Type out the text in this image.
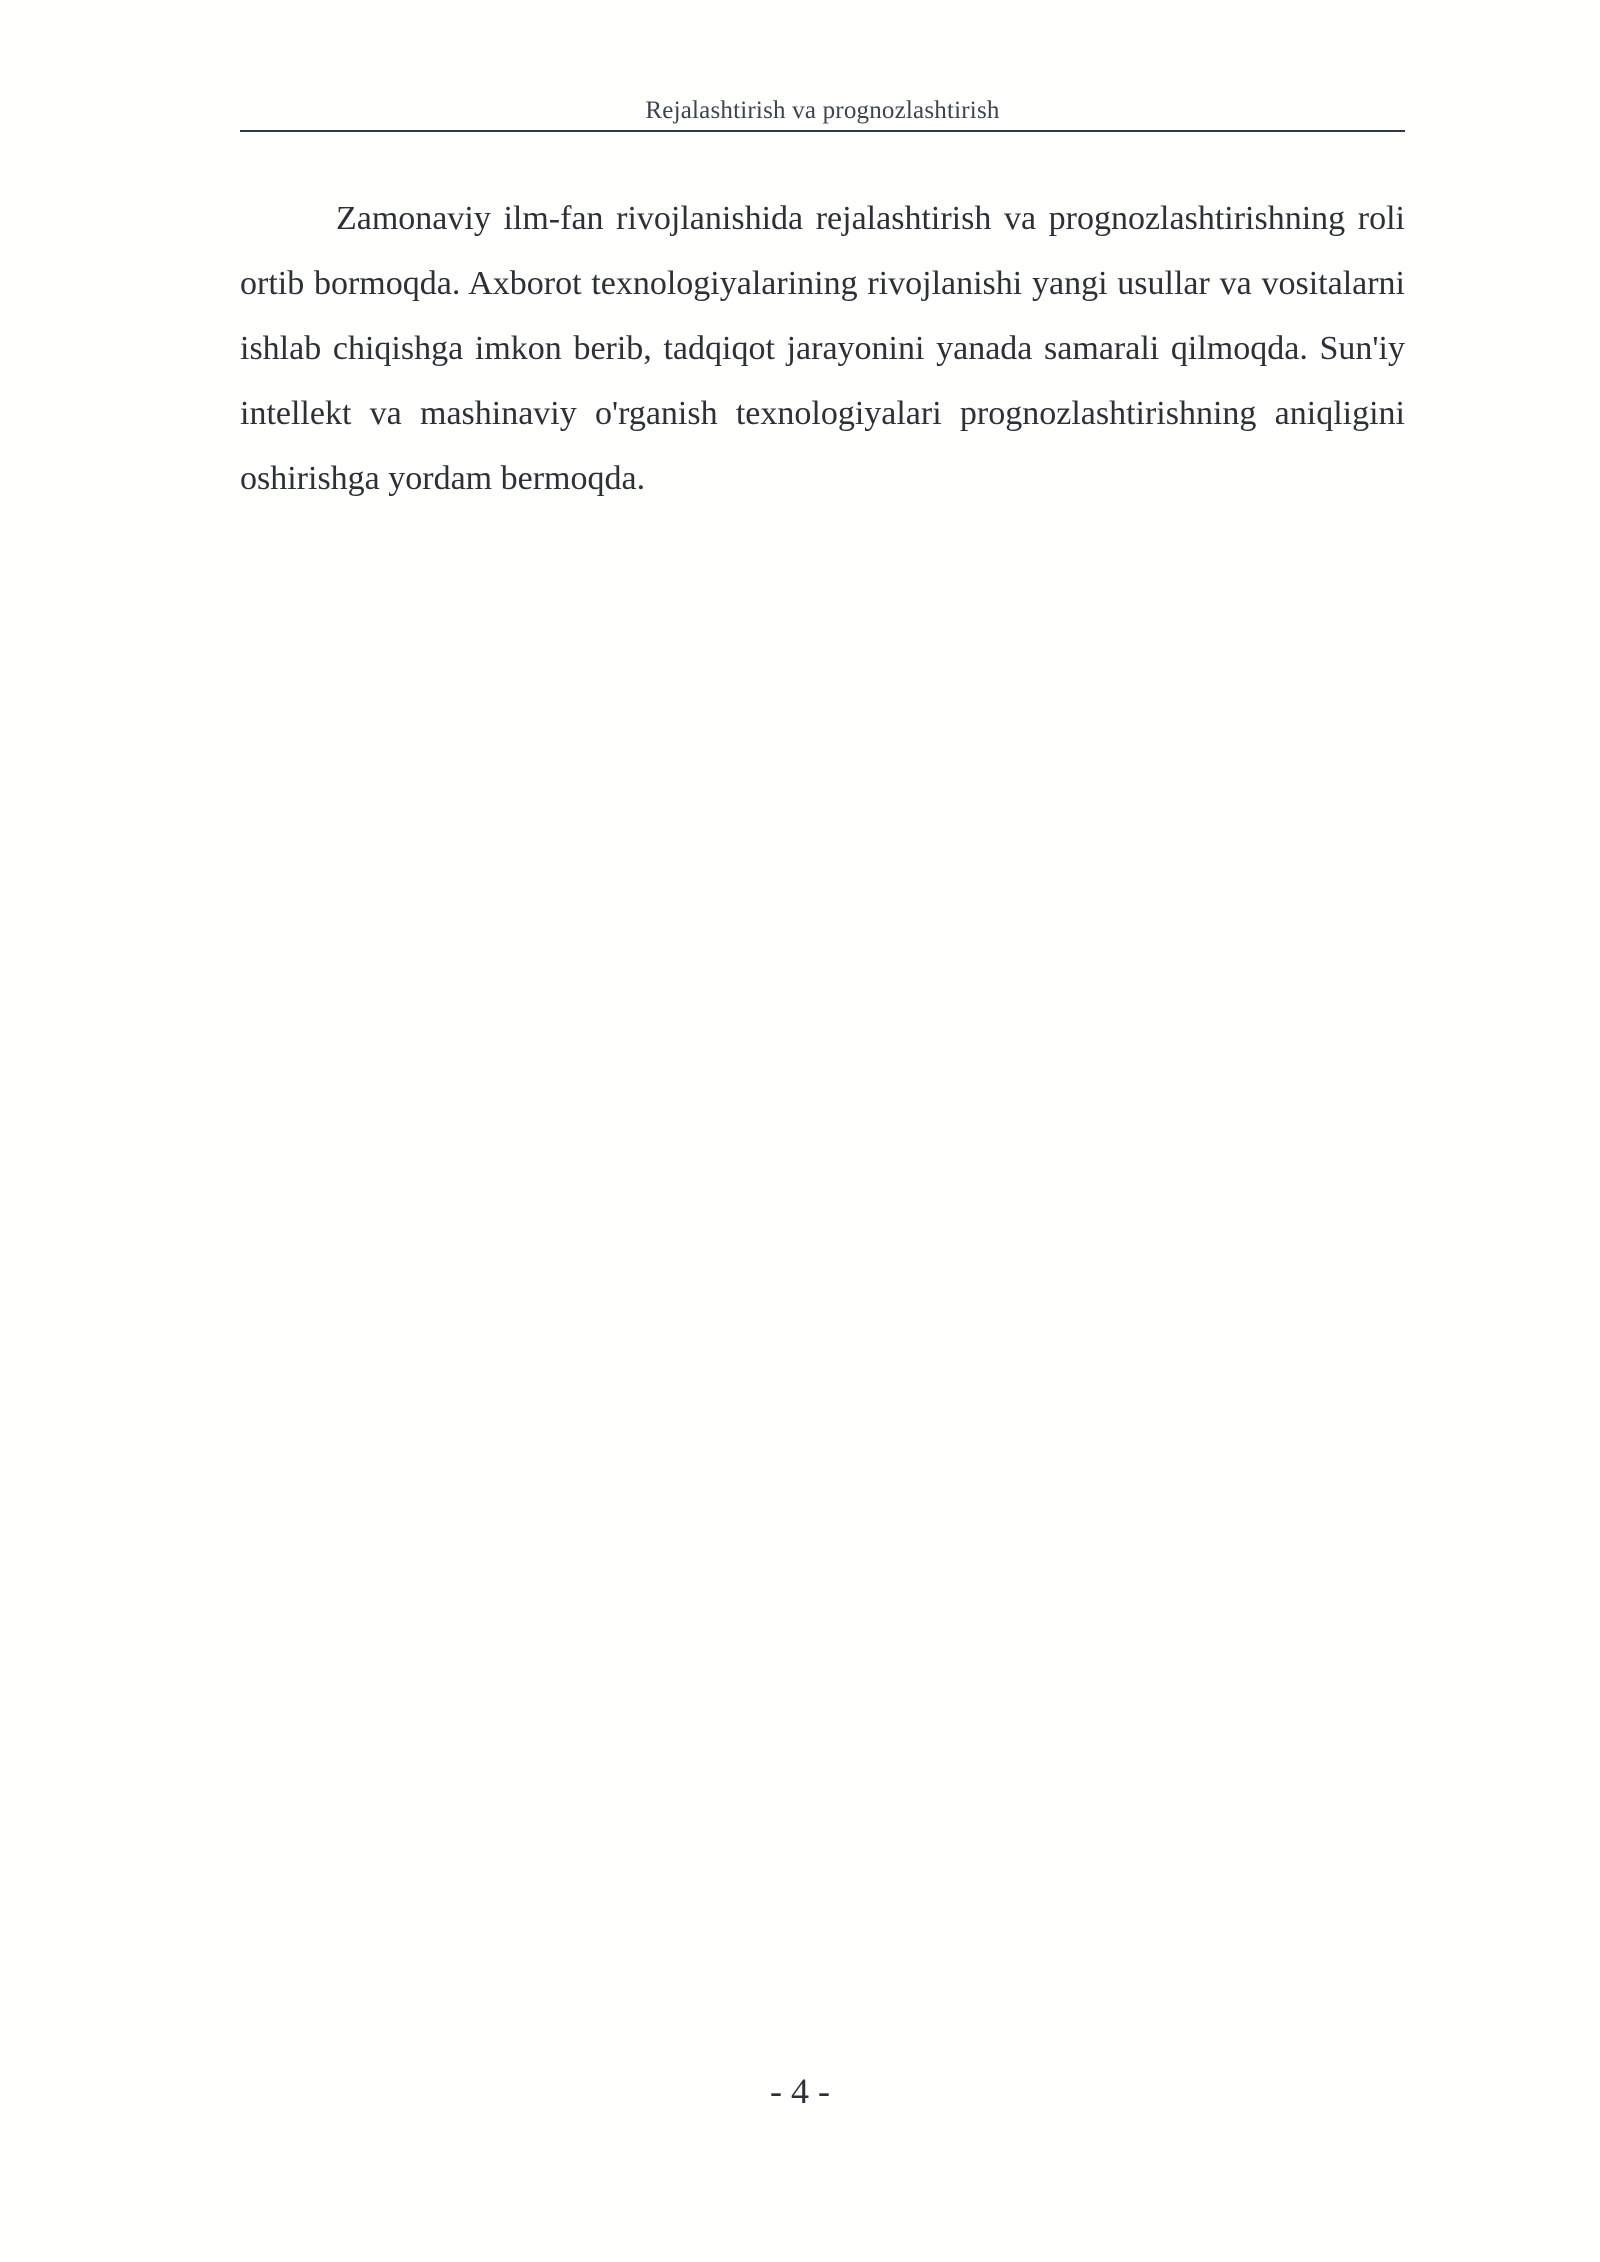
Rejalashtirish va prognozlashtirish

Zamonaviy ilm-fan rivojlanishida rejalashtirish va prognozlashtirishning roli ortib bormoqda. Axborot texnologiyalarining rivojlanishi yangi usullar va vositalarni ishlab chiqishga imkon berib, tadqiqot jarayonini yanada samarali qilmoqda. Sun'iy intellekt va mashinaviy o'rganish texnologiyalari prognozlashtirishning aniqligini oshirishga yordam bermoqda.

- 4 -
